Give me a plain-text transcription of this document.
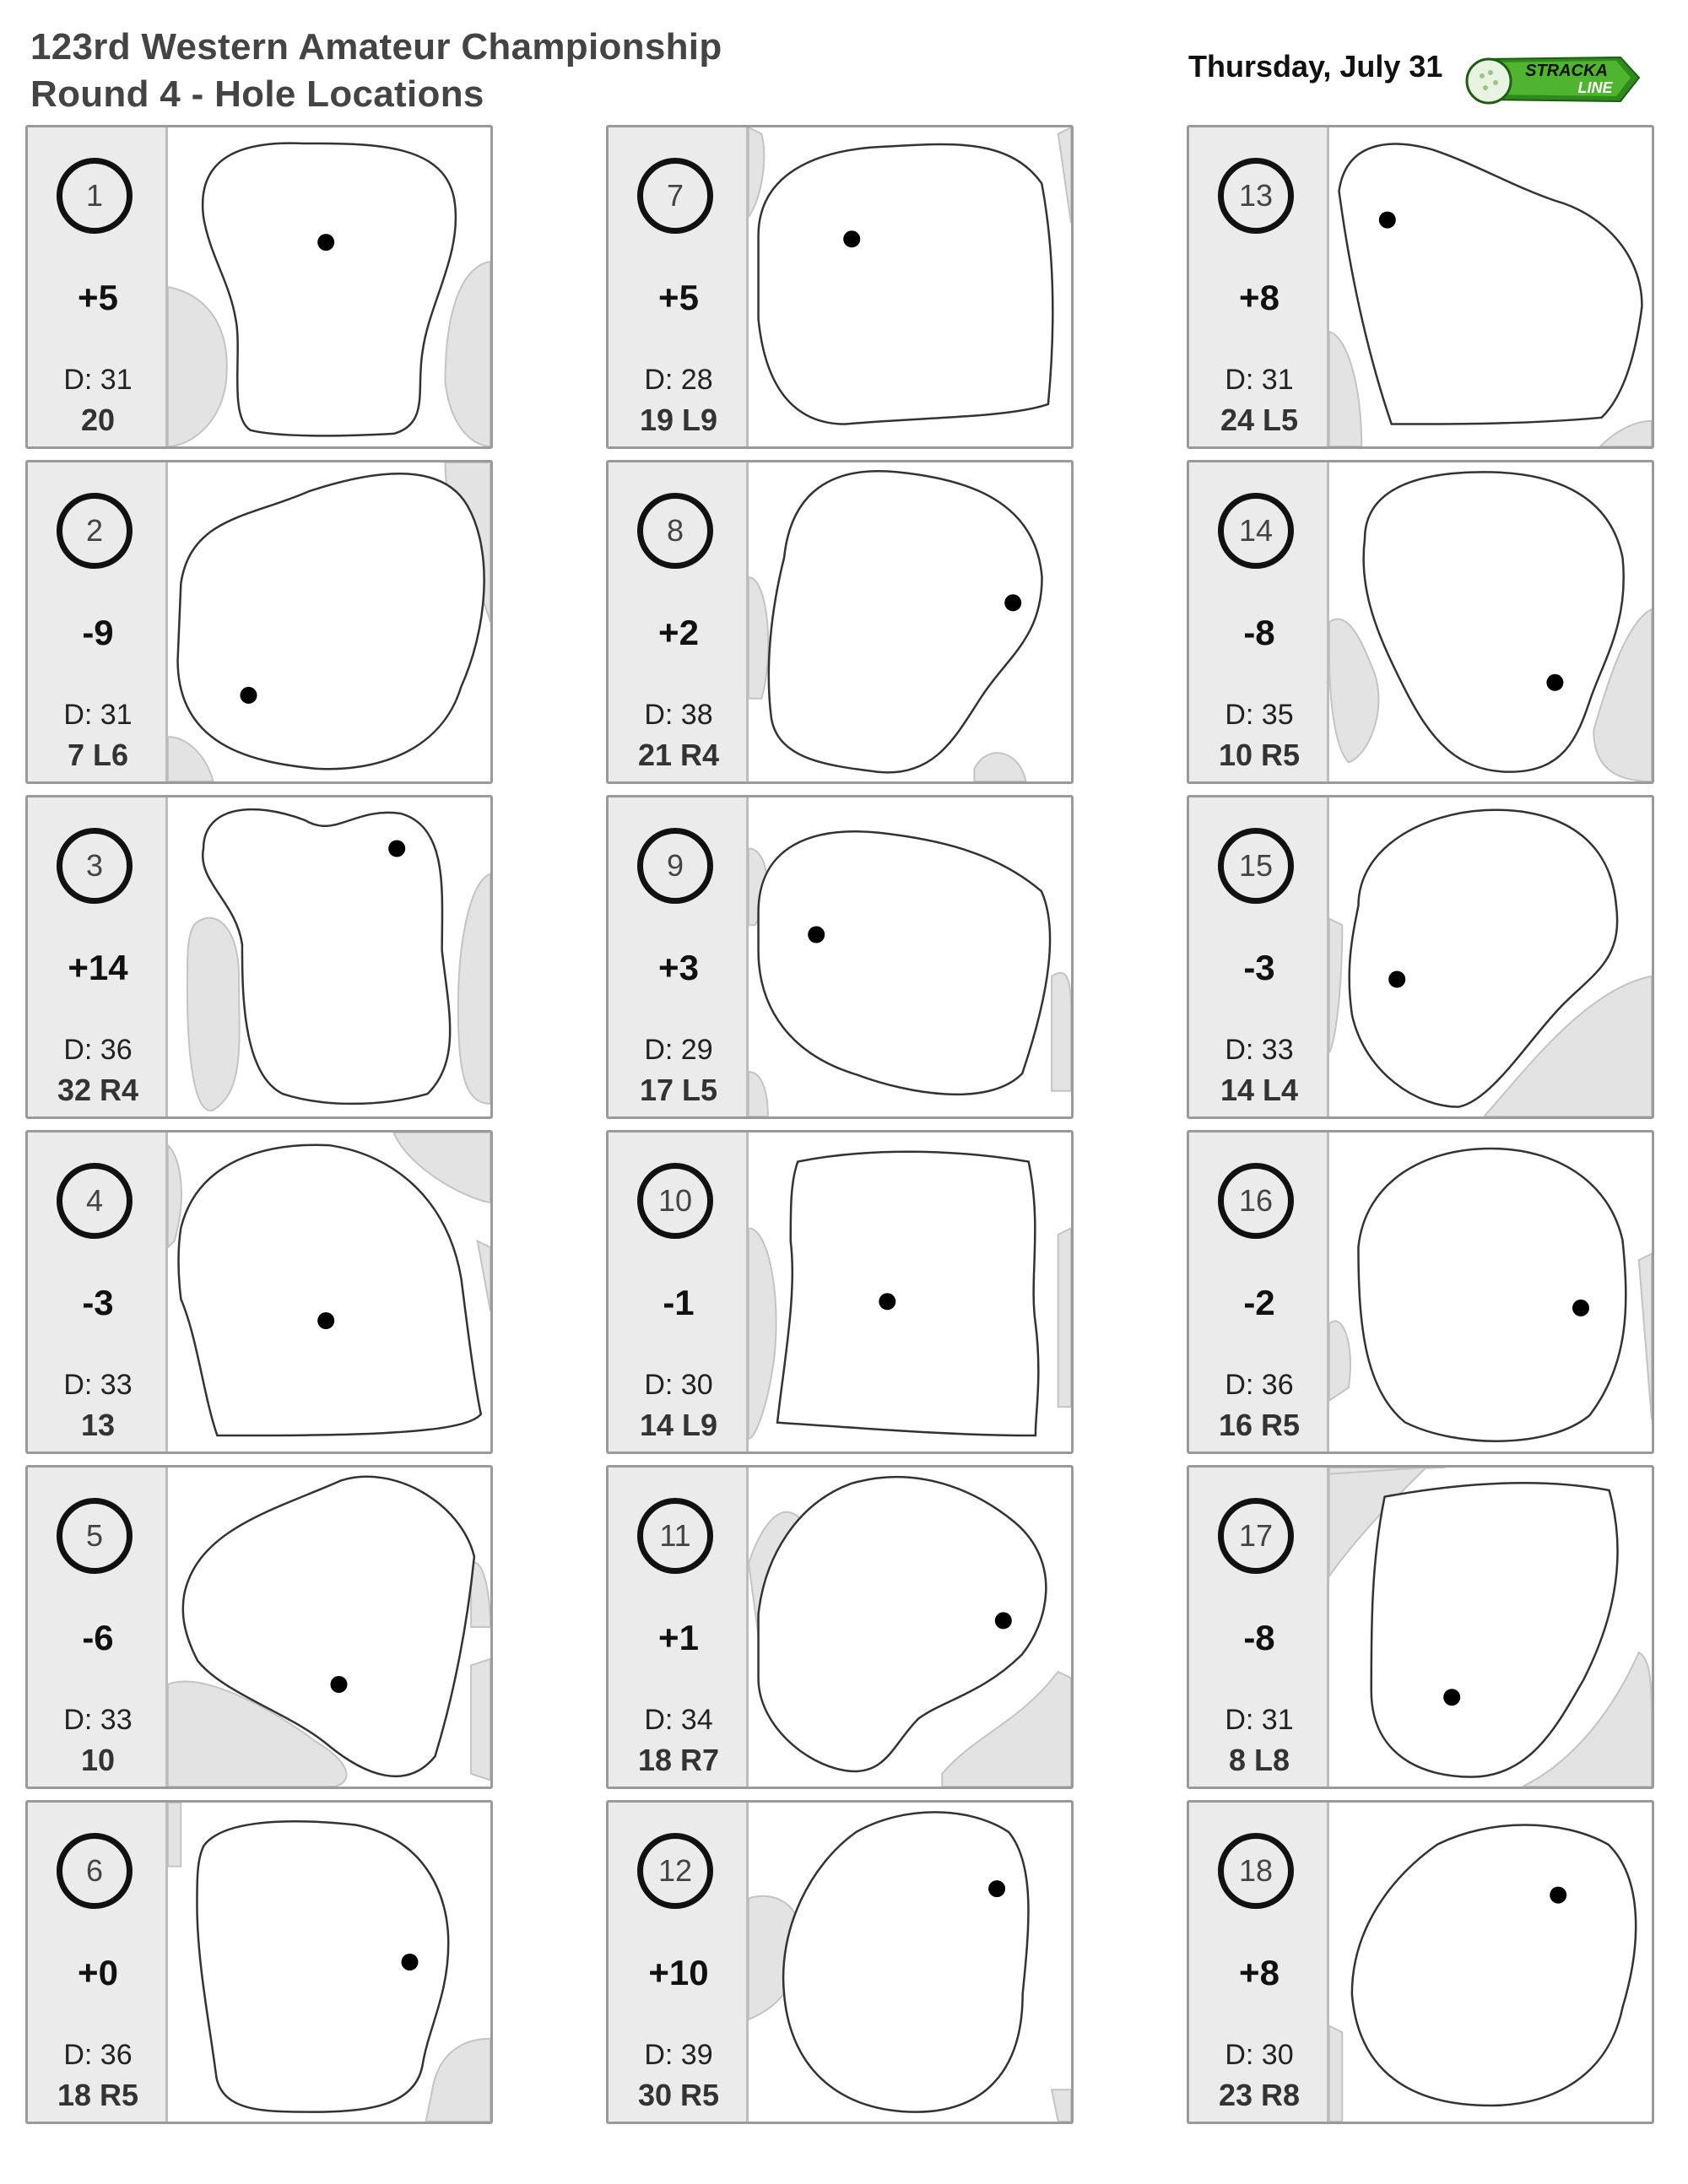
123rd Western Amateur Championship
Round 4 - Hole Locations
Thursday, July 31	STRACKA
LINE
1
+5
D: 31
20
2
-9
D: 31
7 L6
3
+14
D: 36
32 R4
4
-3
D: 33
13
5
-6
D: 33
10
6
+0
D: 36
18 R5
7
+5
D: 28
19 L9
8
+2
D: 38
21 R4
9
+3
D: 29
17 L5
10
-1
D: 30
14 L9
11
+1
D: 34
18 R7
12
+10
D: 39
30 R5
13
+8
D: 31
24 L5
14
-8
D: 35
10 R5
15
-3
D: 33
14 L4
16
-2
D: 36
16 R5
17
-8
D: 31
8 L8
18
+8
D: 30
23 R8
